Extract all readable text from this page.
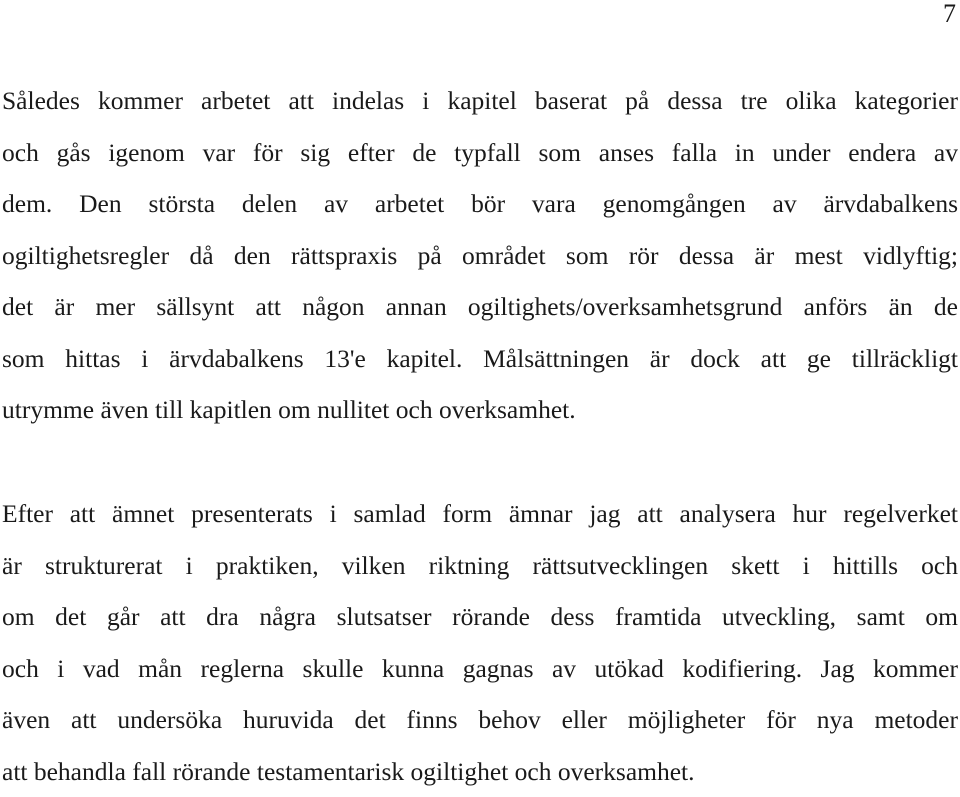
7

Således kommer arbetet att indelas i kapitel baserat på dessa tre olika kategorier
och gås igenom var för sig efter de typfall som anses falla in under endera av
dem. Den största delen av arbetet bör vara genomgången av ärvdabalkens
ogiltighetsregler då den rättspraxis på området som rör dessa är mest vidlyftig;
det är mer sällsynt att någon annan ogiltighets/overksamhetsgrund anförs än de
som hittas i ärvdabalkens 13'e kapitel. Målsättningen är dock att ge tillräckligt
utrymme även till kapitlen om nullitet och overksamhet.

Efter att ämnet presenterats i samlad form ämnar jag att analysera hur regelverket
är strukturerat i praktiken, vilken riktning rättsutvecklingen skett i hittills och
om det går att dra några slutsatser rörande dess framtida utveckling, samt om
och i vad mån reglerna skulle kunna gagnas av utökad kodifiering. Jag kommer
även att undersöka huruvida det finns behov eller möjligheter för nya metoder
att behandla fall rörande testamentarisk ogiltighet och overksamhet.
